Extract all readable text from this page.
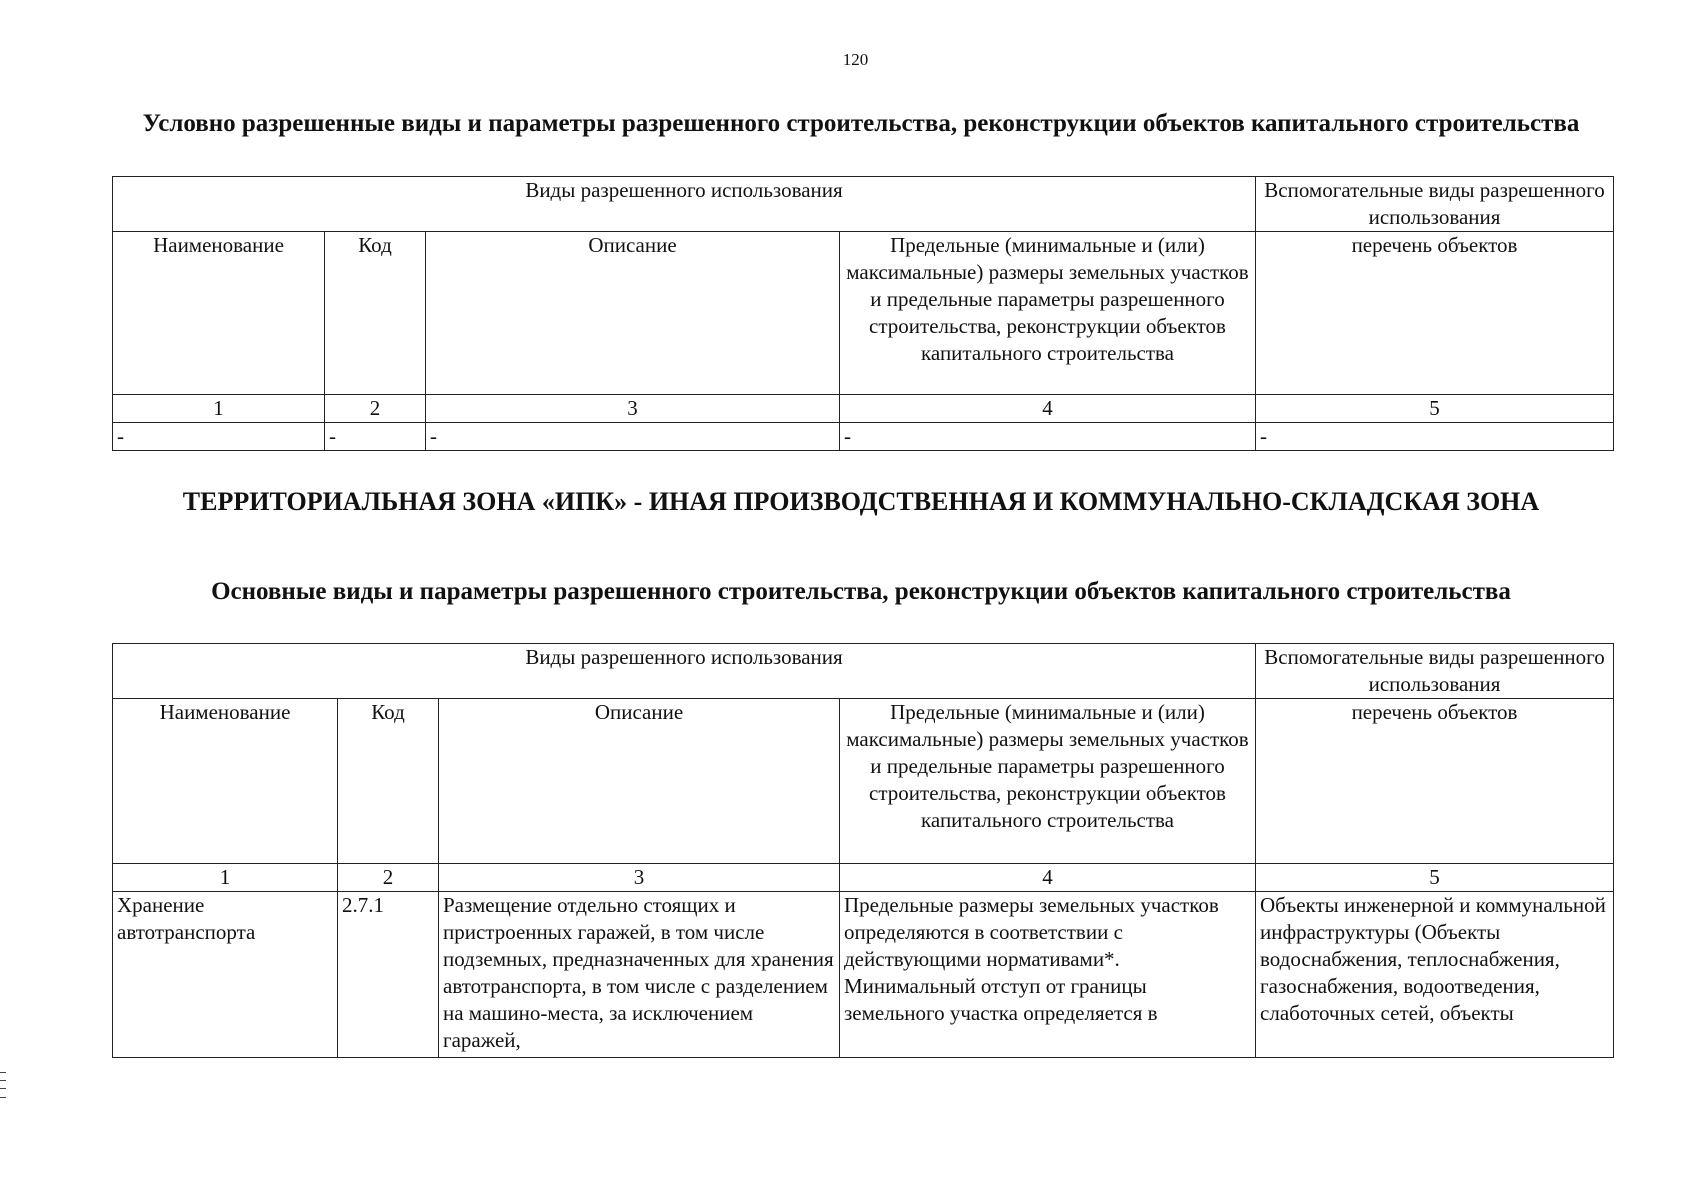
120
Условно разрешенные виды и параметры разрешенного строительства, реконструкции объектов капитального строительства
Виды разрешенного использования				Вспомогательные виды разрешенного использования
Наименование	Код	Описание	Предельные (минимальные и (или) максимальные) размеры земельных участков и предельные параметры разрешенного строительства, реконструкции объектов капитального строительства	перечень объектов
1	2	3	4	5
-	-	-	-	-
ТЕРРИТОРИАЛЬНАЯ ЗОНА «ИПК» - ИНАЯ ПРОИЗВОДСТВЕННАЯ И КОММУНАЛЬНО-СКЛАДСКАЯ ЗОНА
Основные виды и параметры разрешенного строительства, реконструкции объектов капитального строительства
Виды разрешенного использования				Вспомогательные виды разрешенного использования
Наименование	Код	Описание	Предельные (минимальные и (или) максимальные) размеры земельных участков и предельные параметры разрешенного строительства, реконструкции объектов капитального строительства	перечень объектов
1	2	3	4	5
Хранение автотранспорта	2.7.1	Размещение отдельно стоящих и пристроенных гаражей, в том числе подземных, предназначенных для хранения автотранспорта, в том числе с разделением на машино-места, за исключением гаражей,	Предельные размеры земельных участков определяются в соответствии с действующими нормативами*. Минимальный отступ от границы земельного участка определяется в	Объекты инженерной и коммунальной инфраструктуры (Объекты водоснабжения, теплоснабжения, газоснабжения, водоотведения, слаботочных сетей, объекты
